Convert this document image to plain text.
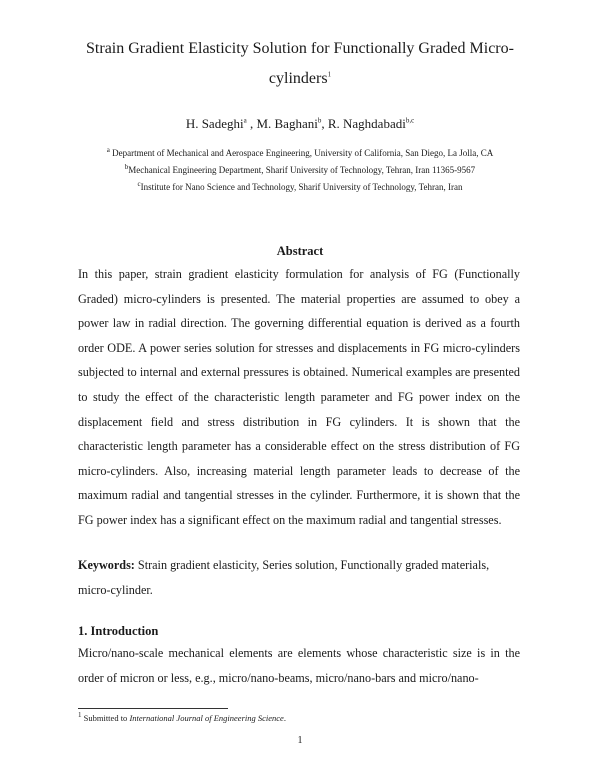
Strain Gradient Elasticity Solution for Functionally Graded Micro-cylinders$^1$
H. Sadeghi$^a$ , M. Baghani$^b$, R. Naghdabadi$^{b,c}$
$^a$ Department of Mechanical and Aerospace Engineering, University of California, San Diego, La Jolla, CA
$^b$Mechanical Engineering Department, Sharif University of Technology, Tehran, Iran 11365-9567
$^c$Institute for Nano Science and Technology, Sharif University of Technology, Tehran, Iran
Abstract

In this paper, strain gradient elasticity formulation for analysis of FG (Functionally Graded) micro-cylinders is presented. The material properties are assumed to obey a power law in radial direction. The governing differential equation is derived as a fourth order ODE. A power series solution for stresses and displacements in FG micro-cylinders subjected to internal and external pressures is obtained. Numerical examples are presented to study the effect of the characteristic length parameter and FG power index on the displacement field and stress distribution in FG cylinders. It is shown that the characteristic length parameter has a considerable effect on the stress distribution of FG micro-cylinders. Also, increasing material length parameter leads to decrease of the maximum radial and tangential stresses in the cylinder. Furthermore, it is shown that the FG power index has a significant effect on the maximum radial and tangential stresses.

Keywords: Strain gradient elasticity, Series solution, Functionally graded materials, micro-cylinder.

1. Introduction

Micro/nano-scale mechanical elements are elements whose characteristic size is in the order of micron or less, e.g., micro/nano-beams, micro/nano-bars and micro/nano-

$^1$ Submitted to International Journal of Engineering Science.
1
